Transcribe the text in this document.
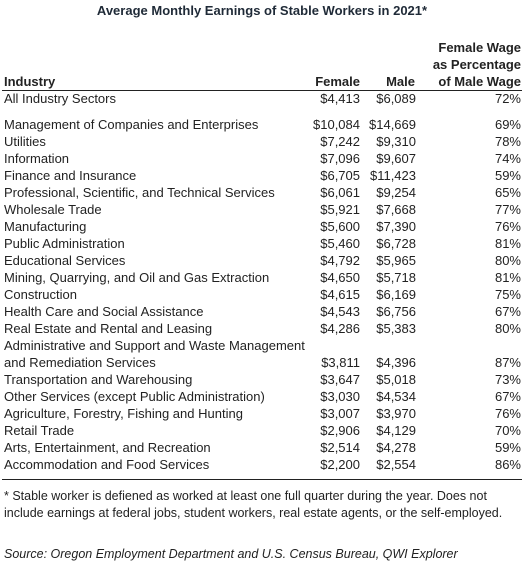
Average Monthly Earnings of Stable Workers in 2021*
Female Wage
as Percentage
of Male Wage
Industry	Female	Male
All Industry Sectors	$4,413	$6,089	72%
Management of Companies and Enterprises	$10,084 $14,669	69%
Utilities	$7,242	$9,310	78%
Information	$7,096	$9,607	74%
Finance and Insurance	$6,705 $11,423	59%
Professional, Scientific, and Technical Services	$6,061	$9,254	65%
Wholesale Trade	$5,921	$7,668	77%
Manufacturing	$5,600	$7,390	76%
Public Administration	$5,460	$6,728	81%
Educational Services	$4,792	$5,965	80%
Mining, Quarrying, and Oil and Gas Extraction	$4,650	$5,718	81%
Construction	$4,615	$6,169	75%
Health Care and Social Assistance	$4,543	$6,756	67%
Real Estate and Rental and Leasing	$4,286	$5,383	80%
Administrative and Support and Waste Management
and Remediation Services	$3,811	$4,396	87%
Transportation and Warehousing	$3,647	$5,018	73%
Other Services (except Public Administration)	$3,030	$4,534	67%
Agriculture, Forestry, Fishing and Hunting	$3,007	$3,970	76%
Retail Trade	$2,906	$4,129	70%
Arts, Entertainment, and Recreation	$2,514	$4,278	59%
Accommodation and Food Services	$2,200	$2,554	86%
* Stable worker is defiened as worked at least one full quarter during the year. Does not include earnings at federal jobs, student workers, real estate agents, or the self-employed.
Source: Oregon Employment Department and U.S. Census Bureau, QWI Explorer
